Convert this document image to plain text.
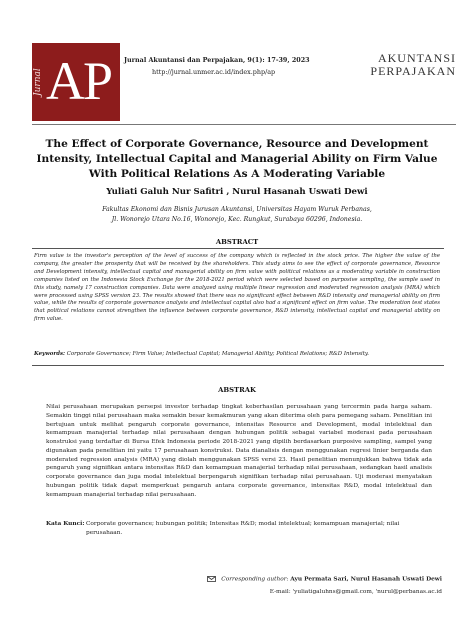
Jurnal AP Jurnal Akuntansi dan Perpajakan, 9(1): 17-39, 2023
http://jurnal.unmer.ac.id/index.php/ap
AKUNTANSI
PERPAJAKAN
The Effect of Corporate Governance, Resource and Development
Intensity, Intellectual Capital and Managerial Ability on Firm Value
With Political Relations As A Moderating Variable
Yuliati Galuh Nur Safitri , Nurul Hasanah Uswati Dewi
Fakultas Ekonomi dan Bisnis Jurusan Akuntansi, Universitas Hayam Wuruk Perbanas,
Jl. Wonorejo Utara No.16, Wonorejo, Kec. Rungkut, Surabaya 60296, Indonesia.
ABSTRACT
Firm value is the investor's perception of the level of success of the company which is reflected in the stock price. The higher the value of the company, the greater the prosperity that will be received by the shareholders. This study aims to see the effect of corporate governance, Resource and Development intensity, intellectual capital and managerial ability on firm value with political relations as a moderating variable in construction companies listed on the Indonesia Stock Exchange for the 2018-2021 period which were selected based on purposive sampling, the sample used in this study, namely 17 construction companies. Data were analyzed using multiple linear regression and moderated regression analysis (MRA) which were processed using SPSS version 23. The results showed that there was no significant effect between R&D intensity and managerial ability on firm value, while the results of corporate governance analysis and intellectual capital also had a significant effect on firm value. The moderation test states that political relations cannot strengthen the influence between corporate governance, R&D intensity, intellectual capital and managerial ability on firm value.
Keywords: Corporate Governance; Firm Value; Intellectual Capital; Managerial Ability; Political Relations; R&D Intensity.
ABSTRAK
Nilai perusahaan merupakan persepsi investor terhadap tingkat keberhasilan perusahaan yang tercermin pada harga saham. Semakin tinggi nilai perusahaan maka semakin besar kemakmuran yang akan diterima oleh para pemegang saham. Penelitian ini bertujuan untuk melihat pengaruh corporate governance, intensitas Resource and Development, modal intelektual dan kemampuan manajerial terhadap nilai perusahaan dengan hubungan politik sebagai variabel moderasi pada perusahaan konstruksi yang terdaftar di Bursa Efek Indonesia periode 2018-2021 yang dipilih berdasarkan purposive sampling, sampel yang digunakan pada penelitian ini yaitu 17 perusahaan konstruksi. Data dianalisis dengan menggunakan regresi linier berganda dan moderated regression analysis (MRA) yang diolah menggunakan SPSS versi 23. Hasil penelitian menunjukkan bahwa tidak ada pengaruh yang signifikan antara intensitas R&D dan kemampuan manajerial terhadap nilai perusahaan, sedangkan hasil analisis corporate governance dan juga modal intelektual berpengaruh signifikan terhadap nilai perusahaan. Uji moderasi menyatakan hubungan politik tidak dapat memperkuat pengaruh antara corporate governance, intensitas R&D, modal intelektual dan kemampuan manajerial terhadap nilai perusahaan.
Kata Kunci: Corporate governance; hubungan politik; Intensitas R&D; modal intelektual; kemampuan manajerial; nilai perusahaan.
Corresponding author: Ayu Permata Sari, Nurul Hasanah Uswati Dewi
E-mail: 'yuliatigaluhns@gmail.com, 'nurul@perbanas.ac.id
